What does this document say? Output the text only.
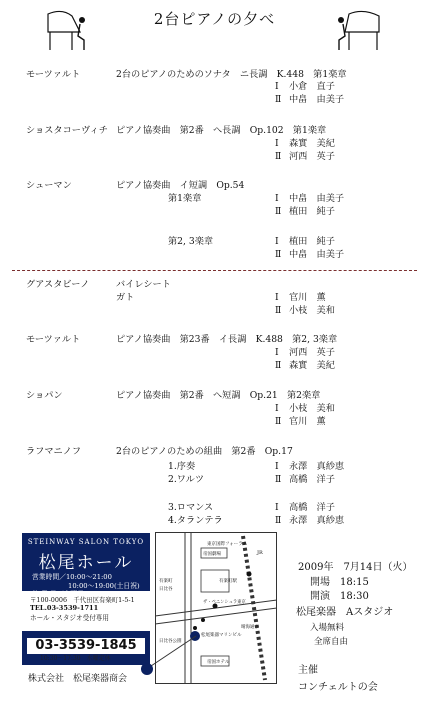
2台ピアノの夕べ
モーツァルト	2台のピアノのためのソナタ　ニ長調　K.448　第1楽章
Ⅰ 小倉　直子
Ⅱ 中畠　由美子
ショスタコーヴィチ ピアノ協奏曲　第2番　へ長調　Op.102　第1楽章
Ⅰ 森實　美紀
Ⅱ 河西　英子
シューマン	ピアノ協奏曲　イ短調　Op.54
第1楽章	Ⅰ 中畠　由美子
Ⅱ 植田　純子
第2, 3楽章	Ⅰ 植田　純子
Ⅱ 中畠　由美子
グアスタビーノ	バイレシート
ガト	Ⅰ 官川　薫
Ⅱ 小枝　美和
モーツァルト	ピアノ協奏曲　第23番　イ長調　K.488　第2, 3楽章
Ⅰ 河西　英子
Ⅱ 森實　美紀
ショパン	ピアノ協奏曲　第2番　へ短調　Op.21　第2楽章
Ⅰ 小枝　美和
Ⅱ 官川　薫
ラフマニノフ	2台のピアノのための組曲　第2番　Op.17
1.序奏	Ⅰ 永澤　真紗恵
2.ワルツ	Ⅱ 高橋　洋子
3.ロマンス	Ⅰ 高橋　洋子
4.タランテラ	Ⅱ 永澤　真紗恵
STEINWAY SALON TOKYO
松尾ホール
営業時間／10:00～21:00
10:00～19:00(土日祝)
〒100-0006　千代田区有楽町1-5-1
TEL.03-3539-1711
ホール・スタジオ受付専用
03-3539-1845
10:30～17:30　水曜定休
株式会社　松尾楽器商会
東京国際フォーラム
帝国劇場
有楽町駅
有楽町
日比谷
日比谷公園
ザ・ペニンシュラ東京
松尾楽器マリンビル
帝国ホテル
JR
晴海通り
2009年　7月14日（火）
開場　18:15
開演　18:30
松尾楽器　Aスタジオ
入場無料
全席自由
主催
コンチェルトの会
